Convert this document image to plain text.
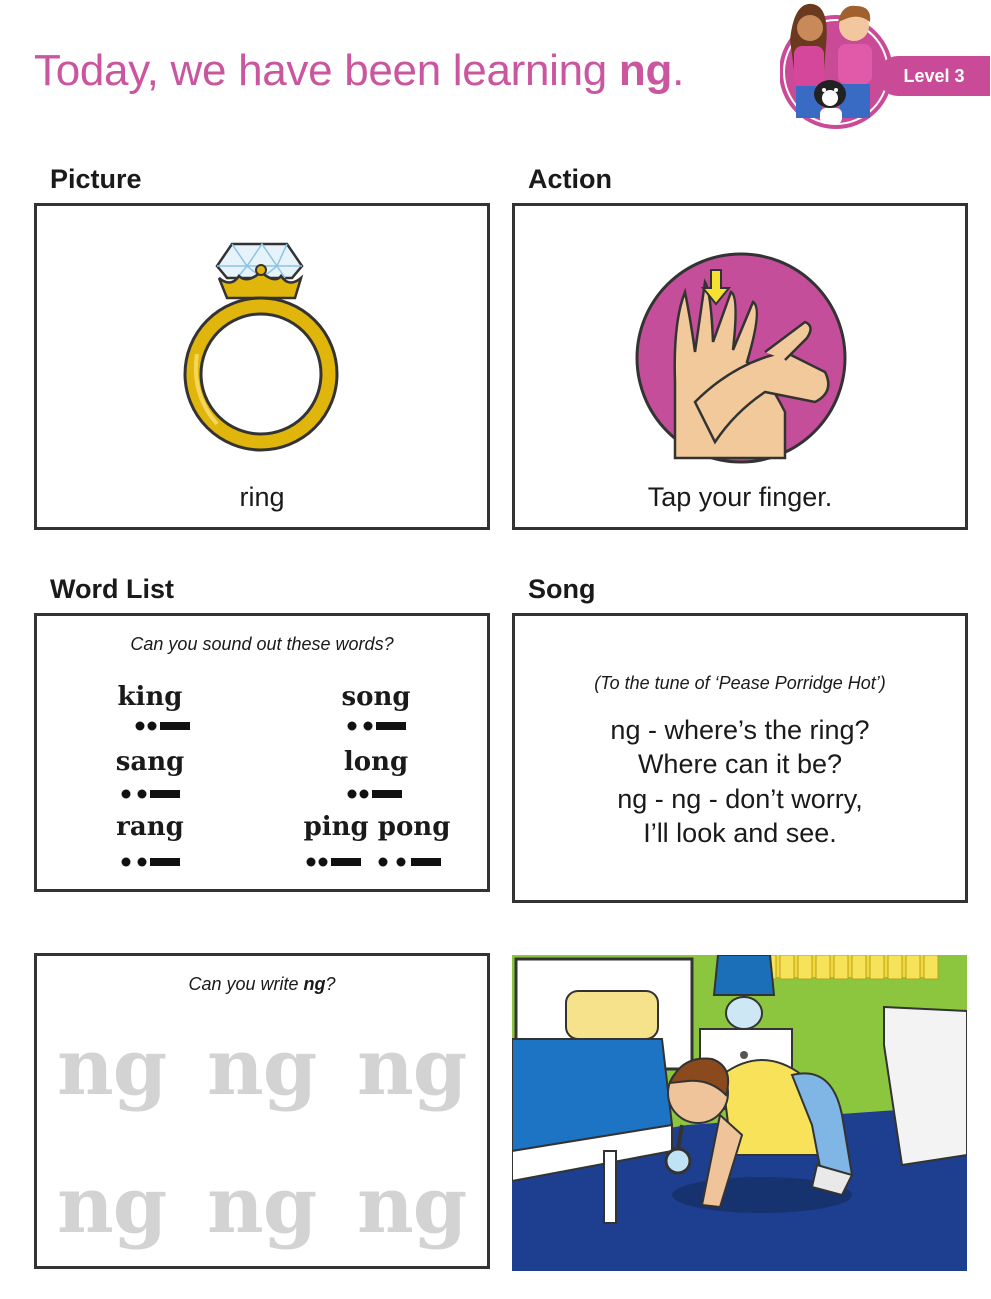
Today, we have been learning ng.	Level 3
Picture
ring
Action
Tap your finger.
Word List
Can you sound out these words?
king	song
sang	long
rang	ping pong
Song
(To the tune of ‘Pease Porridge Hot’)
ng - where’s the ring?
Where can it be?
ng - ng - don’t worry,
I’ll look and see.
Can you write ng?
ng ng ng
ng ng ng
